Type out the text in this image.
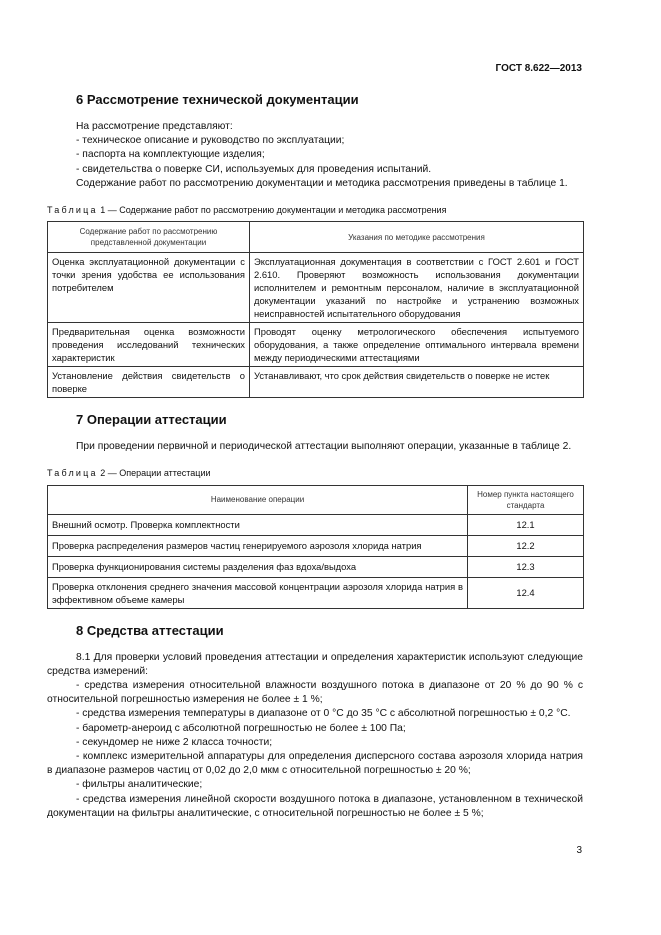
ГОСТ 8.622—2013
6 Рассмотрение технической документации

На рассмотрение представляют:

- техническое описание и руководство по эксплуатации;

- паспорта на комплектующие изделия;

- свидетельства о поверке СИ, используемых для проведения испытаний.

Содержание работ по рассмотрению документации и методика рассмотрения приведены в таблице 1.

Таблица 1 — Содержание работ по рассмотрению документации и методика рассмотрения
Содержание работ по рассмотрению представленной документации	Указания по методике рассмотрения
Оценка эксплуатационной документации с точки зрения удобства ее использования потребителем	Эксплуатационная документация в соответствии с ГОСТ 2.601 и ГОСТ 2.610. Проверяют возможность использования документации исполнителем и ремонтным персоналом, наличие в эксплуатационной документации указаний по настройке и устранению возможных неисправностей испытательного оборудования
Предварительная оценка возможности проведения исследований технических характеристик	Проводят оценку метрологического обеспечения испытуемого оборудования, а также определение оптимального интервала времени между периодическими аттестациями
Установление действия свидетельств о поверке	Устанавливают, что срок действия свидетельств о поверке не истек
7 Операции аттестации

При проведении первичной и периодической аттестации выполняют операции, указанные в таблице 2.

Таблица 2 — Операции аттестации
Наименование операции	Номер пункта настоящего стандарта
Внешний осмотр. Проверка комплектности	12.1
Проверка распределения размеров частиц генерируемого аэрозоля хлорида натрия	12.2
Проверка функционирования системы разделения фаз вдоха/выдоха	12.3
Проверка отклонения среднего значения массовой концентрации аэрозоля хлорида натрия в эффективном объеме камеры	12.4
8 Средства аттестации

8.1 Для проверки условий проведения аттестации и определения характеристик используют следующие средства измерений:

- средства измерения относительной влажности воздушного потока в диапазоне от 20 % до 90 % с относительной погрешностью измерения не более ± 1 %;

- средства измерения температуры в диапазоне от 0 °С до 35 °С с абсолютной погрешностью ± 0,2 °С.

- барометр-анероид с абсолютной погрешностью не более ± 100 Па;

- секундомер не ниже 2 класса точности;

- комплекс измерительной аппаратуры для определения дисперсного состава аэрозоля хлорида натрия в диапазоне размеров частиц от 0,02 до 2,0 мкм с относительной погрешностью ± 20 %;

- фильтры аналитические;

- средства измерения линейной скорости воздушного потока в диапазоне, установленном в технической документации на фильтры аналитические, с относительной погрешностью не более ± 5 %;

3
